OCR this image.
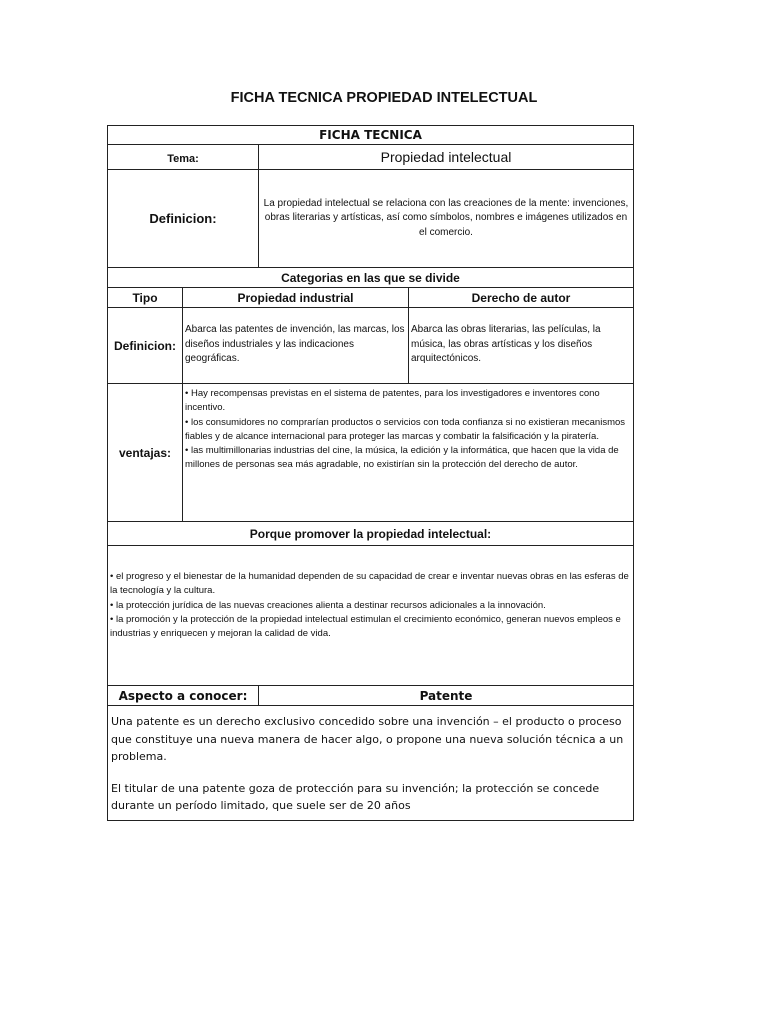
FICHA TECNICA PROPIEDAD INTELECTUAL
FICHA TECNICA
Tema:	Propiedad intelectual
Definicion:
La propiedad intelectual se relaciona con las creaciones de la mente: invenciones, obras literarias y artísticas, así como símbolos, nombres e imágenes utilizados en el comercio.
Categorias en las que se divide
Tipo	Propiedad industrial	Derecho de autor
Definicion:
Abarca las patentes de invención, las marcas, los diseños industriales y las indicaciones geográficas.
Abarca las obras literarias, las películas, la música, las obras artísticas y los diseños arquitectónicos.
ventajas:
• Hay recompensas previstas en el sistema de patentes, para los investigadores e inventores cono incentivo.
• los consumidores no comprarían productos o servicios con toda confianza si no existieran mecanismos fiables y de alcance internacional para proteger las marcas y combatir la falsificación y la piratería.
• las multimillonarias industrias del cine, la música, la edición y la informática, que hacen que la vida de millones de personas sea más agradable, no existirían sin la protección del derecho de autor.
Porque promover la propiedad intelectual:
• el progreso y el bienestar de la humanidad dependen de su capacidad de crear e inventar nuevas obras en las esferas de la tecnología y la cultura.
• la protección jurídica de las nuevas creaciones alienta a destinar recursos adicionales a la innovación.
• la promoción y la protección de la propiedad intelectual estimulan el crecimiento económico, generan nuevos empleos e industrias y enriquecen y mejoran la calidad de vida.
Aspecto a conocer:	Patente
Una patente es un derecho exclusivo concedido sobre una invención – el producto o proceso que constituye una nueva manera de hacer algo, o propone una nueva solución técnica a un problema.
El titular de una patente goza de protección para su invención; la protección se concede durante un período limitado, que suele ser de 20 años
